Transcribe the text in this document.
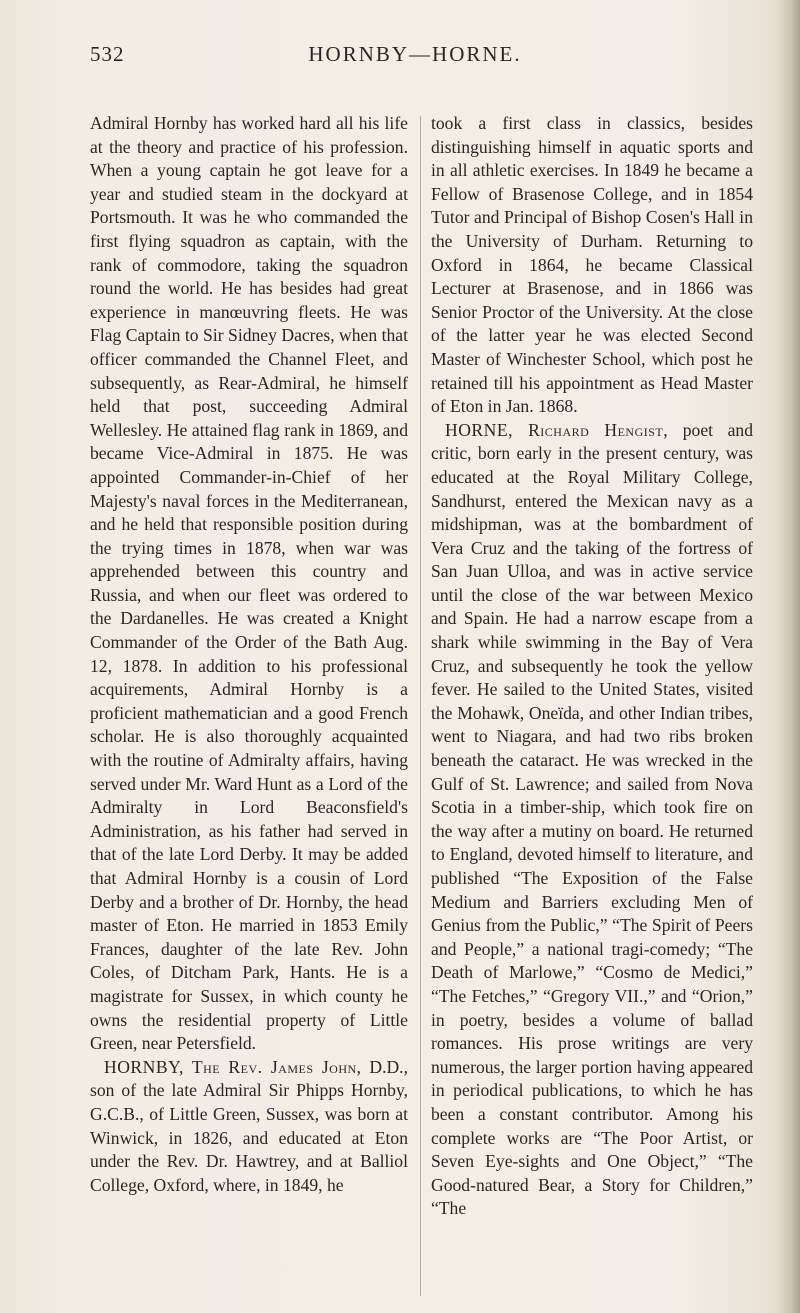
532	HORNBY—HORNE.

Admiral Hornby has worked hard all his life at the theory and practice of his profession. When a young captain he got leave for a year and studied steam in the dockyard at Portsmouth. It was he who commanded the first flying squadron as captain, with the rank of commodore, taking the squadron round the world. He has besides had great experience in manœuvring fleets. He was Flag Captain to Sir Sidney Dacres, when that officer commanded the Channel Fleet, and subsequently, as Rear-Admiral, he himself held that post, succeeding Admiral Wellesley. He attained flag rank in 1869, and became Vice-Admiral in 1875. He was appointed Commander-in-Chief of her Majesty's naval forces in the Mediterranean, and he held that responsible position during the trying times in 1878, when war was apprehended between this country and Russia, and when our fleet was ordered to the Dardanelles. He was created a Knight Commander of the Order of the Bath Aug. 12, 1878. In addition to his professional acquirements, Admiral Hornby is a proficient mathematician and a good French scholar. He is also thoroughly acquainted with the routine of Admiralty affairs, having served under Mr. Ward Hunt as a Lord of the Admiralty in Lord Beaconsfield's Administration, as his father had served in that of the late Lord Derby. It may be added that Admiral Hornby is a cousin of Lord Derby and a brother of Dr. Hornby, the head master of Eton. He married in 1853 Emily Frances, daughter of the late Rev. John Coles, of Ditcham Park, Hants. He is a magistrate for Sussex, in which county he owns the residential property of Little Green, near Petersfield.

HORNBY, The Rev. James John, D.D., son of the late Admiral Sir Phipps Hornby, G.C.B., of Little Green, Sussex, was born at Winwick, in 1826, and educated at Eton under the Rev. Dr. Hawtrey, and at Balliol College, Oxford, where, in 1849, he

took a first class in classics, besides distinguishing himself in aquatic sports and in all athletic exercises. In 1849 he became a Fellow of Brasenose College, and in 1854 Tutor and Principal of Bishop Cosen's Hall in the University of Durham. Returning to Oxford in 1864, he became Classical Lecturer at Brasenose, and in 1866 was Senior Proctor of the University. At the close of the latter year he was elected Second Master of Winchester School, which post he retained till his appointment as Head Master of Eton in Jan. 1868.

HORNE, Richard Hengist, poet and critic, born early in the present century, was educated at the Royal Military College, Sandhurst, entered the Mexican navy as a midshipman, was at the bombardment of Vera Cruz and the taking of the fortress of San Juan Ulloa, and was in active service until the close of the war between Mexico and Spain. He had a narrow escape from a shark while swimming in the Bay of Vera Cruz, and subsequently he took the yellow fever. He sailed to the United States, visited the Mohawk, Oneïda, and other Indian tribes, went to Niagara, and had two ribs broken beneath the cataract. He was wrecked in the Gulf of St. Lawrence; and sailed from Nova Scotia in a timber-ship, which took fire on the way after a mutiny on board. He returned to England, devoted himself to literature, and published “The Exposition of the False Medium and Barriers excluding Men of Genius from the Public,” “The Spirit of Peers and People,” a national tragi-comedy; “The Death of Marlowe,” “Cosmo de Medici,” “The Fetches,” “Gregory VII.,” and “Orion,” in poetry, besides a volume of ballad romances. His prose writings are very numerous, the larger portion having appeared in periodical publications, to which he has been a constant contributor. Among his complete works are “The Poor Artist, or Seven Eye-sights and One Object,” “The Good-natured Bear, a Story for Children,” “The
